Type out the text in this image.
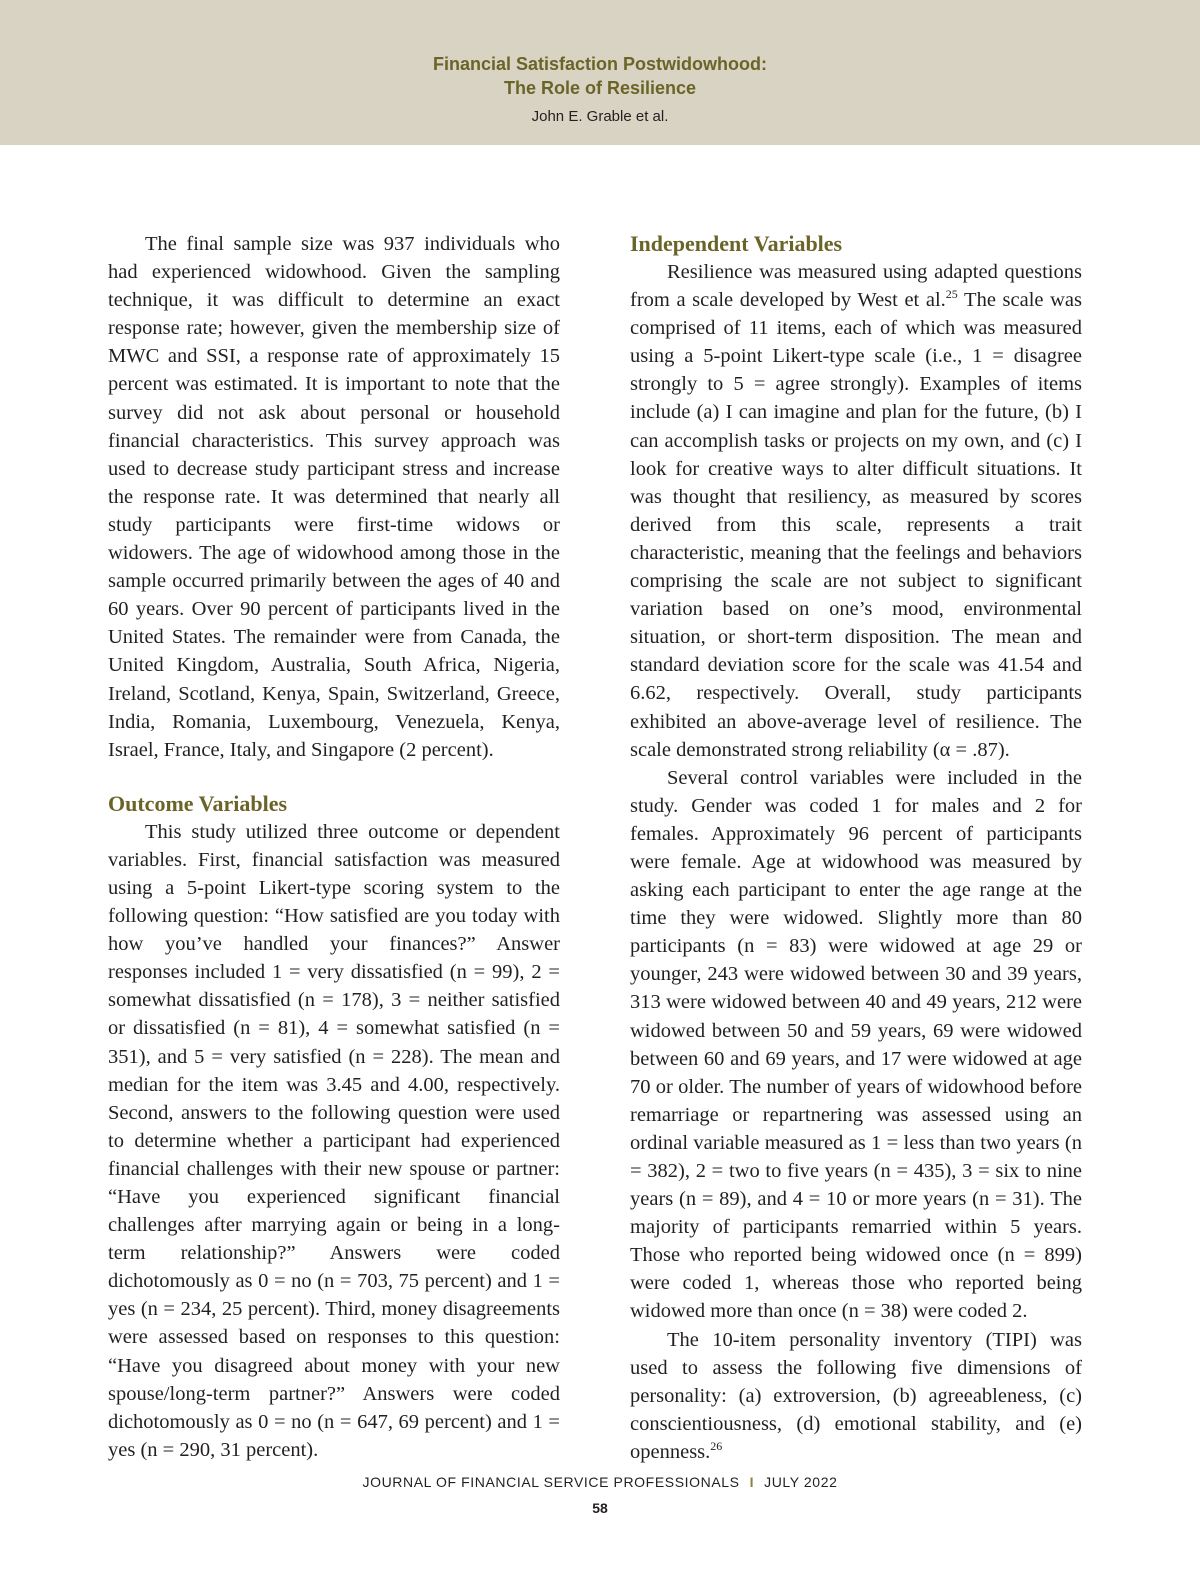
Financial Satisfaction Postwidowhood:
The Role of Resilience
John E. Grable et al.

The final sample size was 937 individuals who had experienced widowhood. Given the sampling technique, it was difficult to determine an exact response rate; however, given the membership size of MWC and SSI, a response rate of approximately 15 percent was estimated. It is important to note that the survey did not ask about personal or household financial characteristics. This survey approach was used to decrease study participant stress and increase the response rate. It was determined that nearly all study participants were first-time widows or widowers. The age of widowhood among those in the sample occurred primarily between the ages of 40 and 60 years. Over 90 percent of participants lived in the United States. The remainder were from Canada, the United Kingdom, Australia, South Africa, Nigeria, Ireland, Scotland, Kenya, Spain, Switzerland, Greece, India, Romania, Luxembourg, Venezuela, Kenya, Israel, France, Italy, and Singapore (2 percent).

Outcome Variables

This study utilized three outcome or dependent variables. First, financial satisfaction was measured using a 5-point Likert-type scoring system to the following question: “How satisfied are you today with how you’ve handled your finances?” Answer responses included 1 = very dissatisfied (n = 99), 2 = somewhat dissatisfied (n = 178), 3 = neither satisfied or dissatisfied (n = 81), 4 = somewhat satisfied (n = 351), and 5 = very satisfied (n = 228). The mean and median for the item was 3.45 and 4.00, respectively. Second, answers to the following question were used to determine whether a participant had experienced financial challenges with their new spouse or partner: “Have you experienced significant financial challenges after marrying again or being in a long-term relationship?” Answers were coded dichotomously as 0 = no (n = 703, 75 percent) and 1 = yes (n = 234, 25 percent). Third, money disagreements were assessed based on responses to this question: “Have you disagreed about money with your new spouse/long-term partner?” Answers were coded dichotomously as 0 = no (n = 647, 69 percent) and 1 = yes (n = 290, 31 percent).

Independent Variables

Resilience was measured using adapted questions from a scale developed by West et al.$^{25}$ The scale was comprised of 11 items, each of which was measured using a 5-point Likert-type scale (i.e., 1 = disagree strongly to 5 = agree strongly). Examples of items include (a) I can imagine and plan for the future, (b) I can accomplish tasks or projects on my own, and (c) I look for creative ways to alter difficult situations. It was thought that resiliency, as measured by scores derived from this scale, represents a trait characteristic, meaning that the feelings and behaviors comprising the scale are not subject to significant variation based on one’s mood, environmental situation, or short-term disposition. The mean and standard deviation score for the scale was 41.54 and 6.62, respectively. Overall, study participants exhibited an above-average level of resilience. The scale demonstrated strong reliability (α = .87).

Several control variables were included in the study. Gender was coded 1 for males and 2 for females. Approximately 96 percent of participants were female. Age at widowhood was measured by asking each participant to enter the age range at the time they were widowed. Slightly more than 80 participants (n = 83) were widowed at age 29 or younger, 243 were widowed between 30 and 39 years, 313 were widowed between 40 and 49 years, 212 were widowed between 50 and 59 years, 69 were widowed between 60 and 69 years, and 17 were widowed at age 70 or older. The number of years of widowhood before remarriage or repartnering was assessed using an ordinal variable measured as 1 = less than two years (n = 382), 2 = two to five years (n = 435), 3 = six to nine years (n = 89), and 4 = 10 or more years (n = 31). The majority of participants remarried within 5 years. Those who reported being widowed once (n = 899) were coded 1, whereas those who reported being widowed more than once (n = 38) were coded 2.

The 10-item personality inventory (TIPI) was used to assess the following five dimensions of personality: (a) extroversion, (b) agreeableness, (c) conscientiousness, (d) emotional stability, and (e) openness.$^{26}$

JOURNAL OF FINANCIAL SERVICE PROFESSIONALS I JULY 2022
58
